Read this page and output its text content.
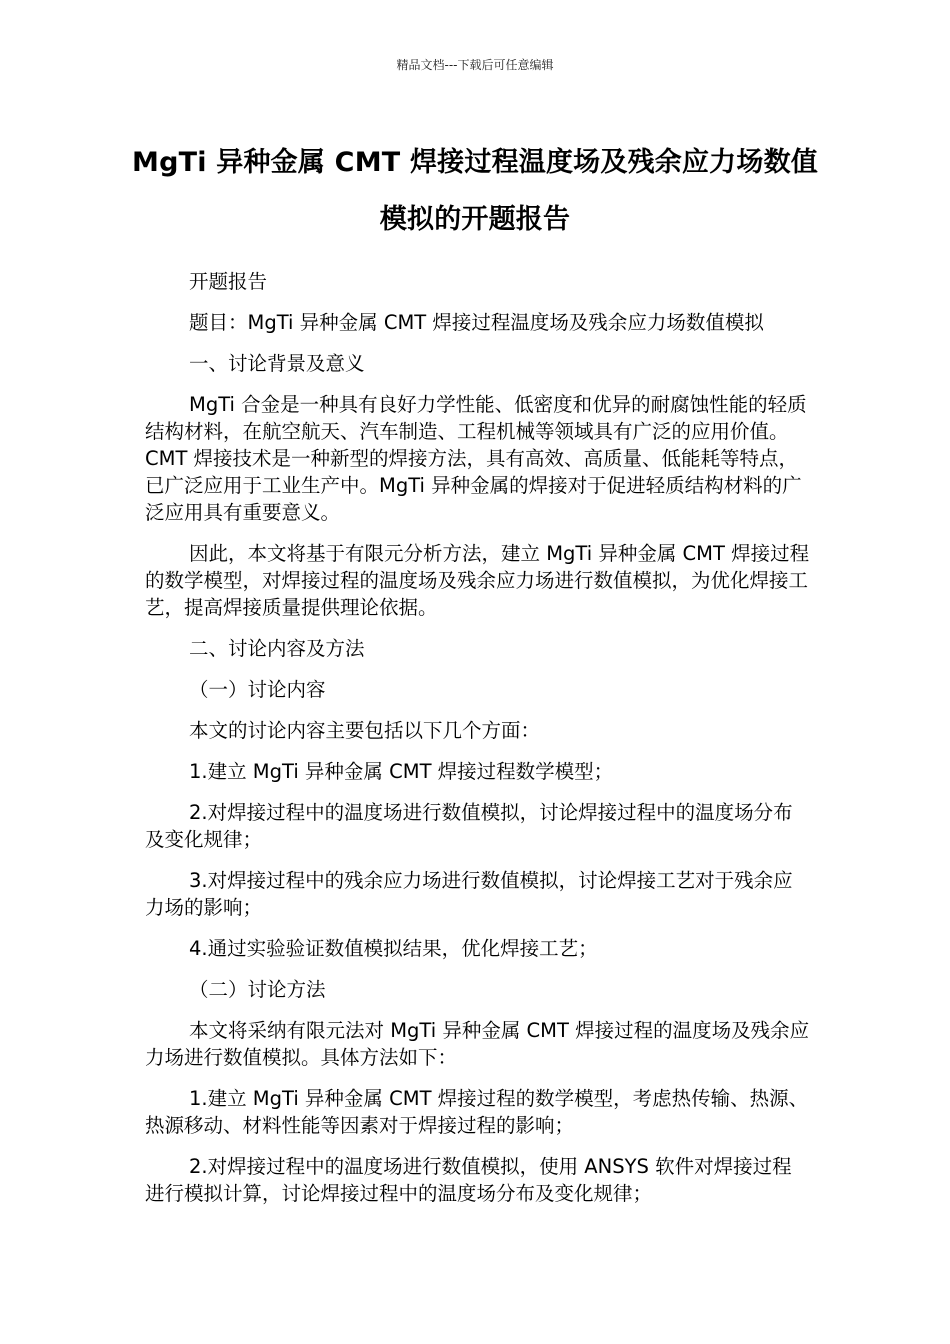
精品文档---下载后可任意编辑
MgTi 异种金属 CMT 焊接过程温度场及残余应力场数值模拟的开题报告

开题报告

题目：MgTi 异种金属 CMT 焊接过程温度场及残余应力场数值模拟

一、讨论背景及意义

MgTi 合金是一种具有良好力学性能、低密度和优异的耐腐蚀性能的轻质结构材料，在航空航天、汽车制造、工程机械等领域具有广泛的应用价值。CMT 焊接技术是一种新型的焊接方法，具有高效、高质量、低能耗等特点，已广泛应用于工业生产中。MgTi 异种金属的焊接对于促进轻质结构材料的广泛应用具有重要意义。

因此，本文将基于有限元分析方法，建立 MgTi 异种金属 CMT 焊接过程的数学模型，对焊接过程的温度场及残余应力场进行数值模拟，为优化焊接工艺，提高焊接质量提供理论依据。

二、讨论内容及方法

（一）讨论内容

本文的讨论内容主要包括以下几个方面：

1.建立 MgTi 异种金属 CMT 焊接过程数学模型；

2.对焊接过程中的温度场进行数值模拟，讨论焊接过程中的温度场分布及变化规律；

3.对焊接过程中的残余应力场进行数值模拟，讨论焊接工艺对于残余应力场的影响；

4.通过实验验证数值模拟结果，优化焊接工艺；

（二）讨论方法

本文将采纳有限元法对 MgTi 异种金属 CMT 焊接过程的温度场及残余应力场进行数值模拟。具体方法如下：

1.建立 MgTi 异种金属 CMT 焊接过程的数学模型，考虑热传输、热源、热源移动、材料性能等因素对于焊接过程的影响；

2.对焊接过程中的温度场进行数值模拟，使用 ANSYS 软件对焊接过程进行模拟计算，讨论焊接过程中的温度场分布及变化规律；
